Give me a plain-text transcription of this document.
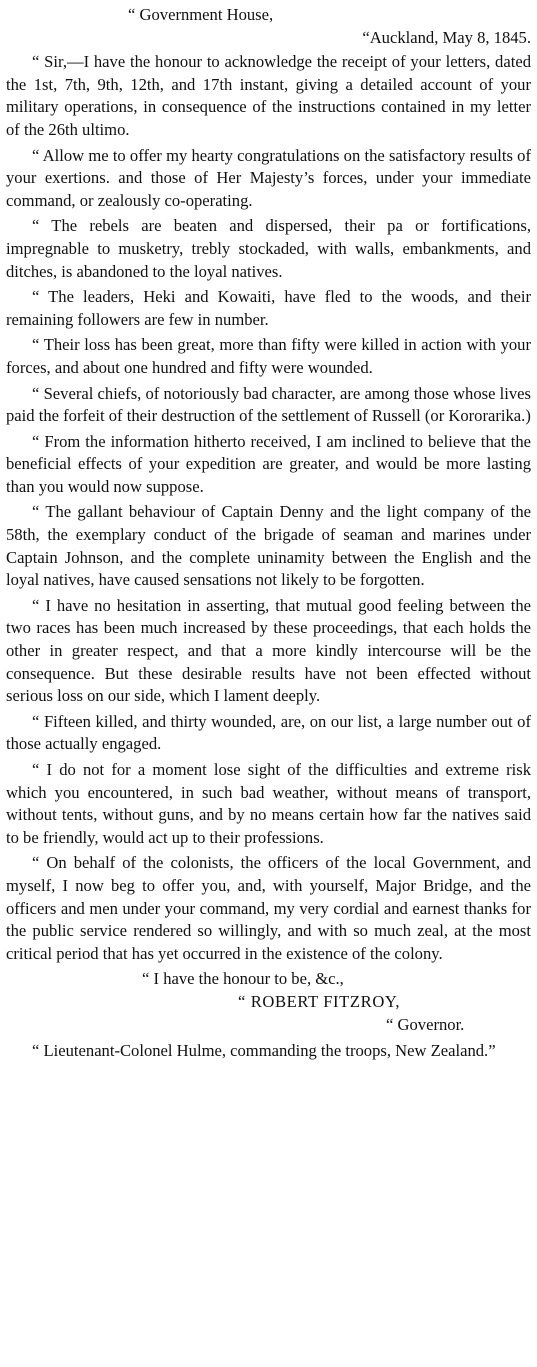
“ Government House,
“Auckland, May 8, 1845.

“ Sir,—I have the honour to acknowledge the receipt of your letters, dated the 1st, 7th, 9th, 12th, and 17th instant, giving a detailed account of your military operations, in consequence of the instructions contained in my letter of the 26th ultimo.

“ Allow me to offer my hearty congratulations on the satisfactory results of your exertions. and those of Her Majesty’s forces, under your immediate command, or zealously co-operating.

“ The rebels are beaten and dispersed, their pa or fortifications, impregnable to musketry, trebly stockaded, with walls, embankments, and ditches, is abandoned to the loyal natives.

“ The leaders, Heki and Kowaiti, have fled to the woods, and their remaining followers are few in number.

“ Their loss has been great, more than fifty were killed in action with your forces, and about one hundred and fifty were wounded.

“ Several chiefs, of notoriously bad character, are among those whose lives paid the forfeit of their destruction of the settlement of Russell (or Kororarika.)

“ From the information hitherto received, I am inclined to believe that the beneficial effects of your expedition are greater, and would be more lasting than you would now suppose.

“ The gallant behaviour of Captain Denny and the light company of the 58th, the exemplary conduct of the brigade of seaman and marines under Captain Johnson, and the complete uninamity between the English and the loyal natives, have caused sensations not likely to be forgotten.

“ I have no hesitation in asserting, that mutual good feeling between the two races has been much increased by these proceedings, that each holds the other in greater respect, and that a more kindly intercourse will be the consequence. But these desirable results have not been effected without serious loss on our side, which I lament deeply.

“ Fifteen killed, and thirty wounded, are, on our list, a large number out of those actually engaged.

“ I do not for a moment lose sight of the difficulties and extreme risk which you encountered, in such bad weather, without means of transport, without tents, without guns, and by no means certain how far the natives said to be friendly, would act up to their professions.

“ On behalf of the colonists, the officers of the local Government, and myself, I now beg to offer you, and, with yourself, Major Bridge, and the officers and men under your command, my very cordial and earnest thanks for the public service rendered so willingly, and with so much zeal, at the most critical period that has yet occurred in the existence of the colony.

“ I have the honour to be, &c.,

“ ROBERT FITZROY,

“ Governor.

“ Lieutenant-Colonel Hulme, commanding the troops, New Zealand.”
